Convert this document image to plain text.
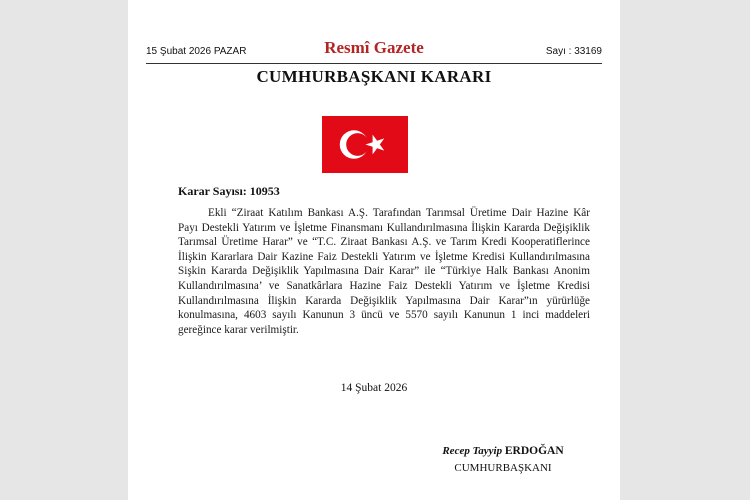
15 Şubat 2026 PAZAR	Resmî Gazete	Sayı : 33169
CUMHURBAŞKANI KARARI
Karar Sayısı: 10953

Ekli “Ziraat Katılım Bankası A.Ş. Tarafından Tarımsal Üretime Dair Hazine Kâr Payı Destekli Yatırım ve İşletme Finansmanı Kullandırılmasına İlişkin Kararda Değişiklik Tarımsal Üretime Harar” ve “T.C. Ziraat Bankası A.Ş. ve Tarım Kredi Kooperatiflerince İlişkin Kararlara Dair Kazine Faiz Destekli Yatırım ve İşletme Kredisi Kullandırılmasına Sişkin Kararda Değişiklik Yapılmasına Dair Karar” ile “Türkiye Halk Bankası Anonim Kullandırılmasına’ ve Sanatkârlara Hazine Faiz Destekli Yatırım ve İşletme Kredisi Kullandırılmasına İlişkin Kararda Değişiklik Yapılmasına Dair Karar”ın yürürlüğe konulmasına, 4603 sayılı Kanunun 3 üncü ve 5570 sayılı Kanunun 1 inci maddeleri gereğince karar verilmiştir.

14 Şubat 2026
Recep Tayyip ERDOĞAN
CUMHURBAŞKANI
